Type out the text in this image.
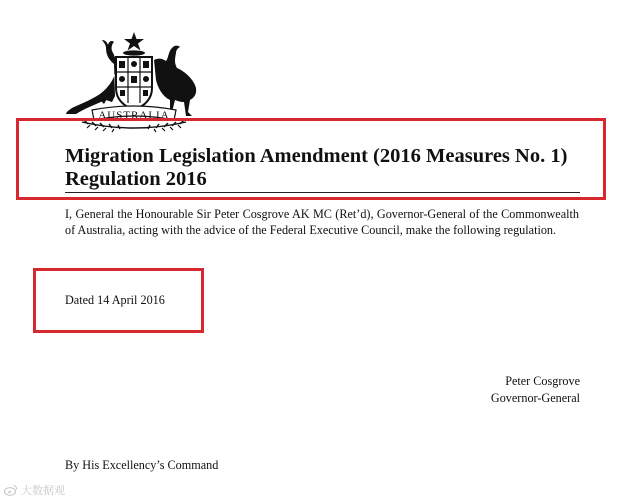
AUSTRALIA
Migration Legislation Amendment (2016 Measures No. 1) Regulation 2016

I, General the Honourable Sir Peter Cosgrove AK MC (Ret’d), Governor-General of the Commonwealth of Australia, acting with the advice of the Federal Executive Council, make the following regulation.

Dated 14 April 2016

Peter Cosgrove
Governor-General

By His Excellency’s Command

大数据观
